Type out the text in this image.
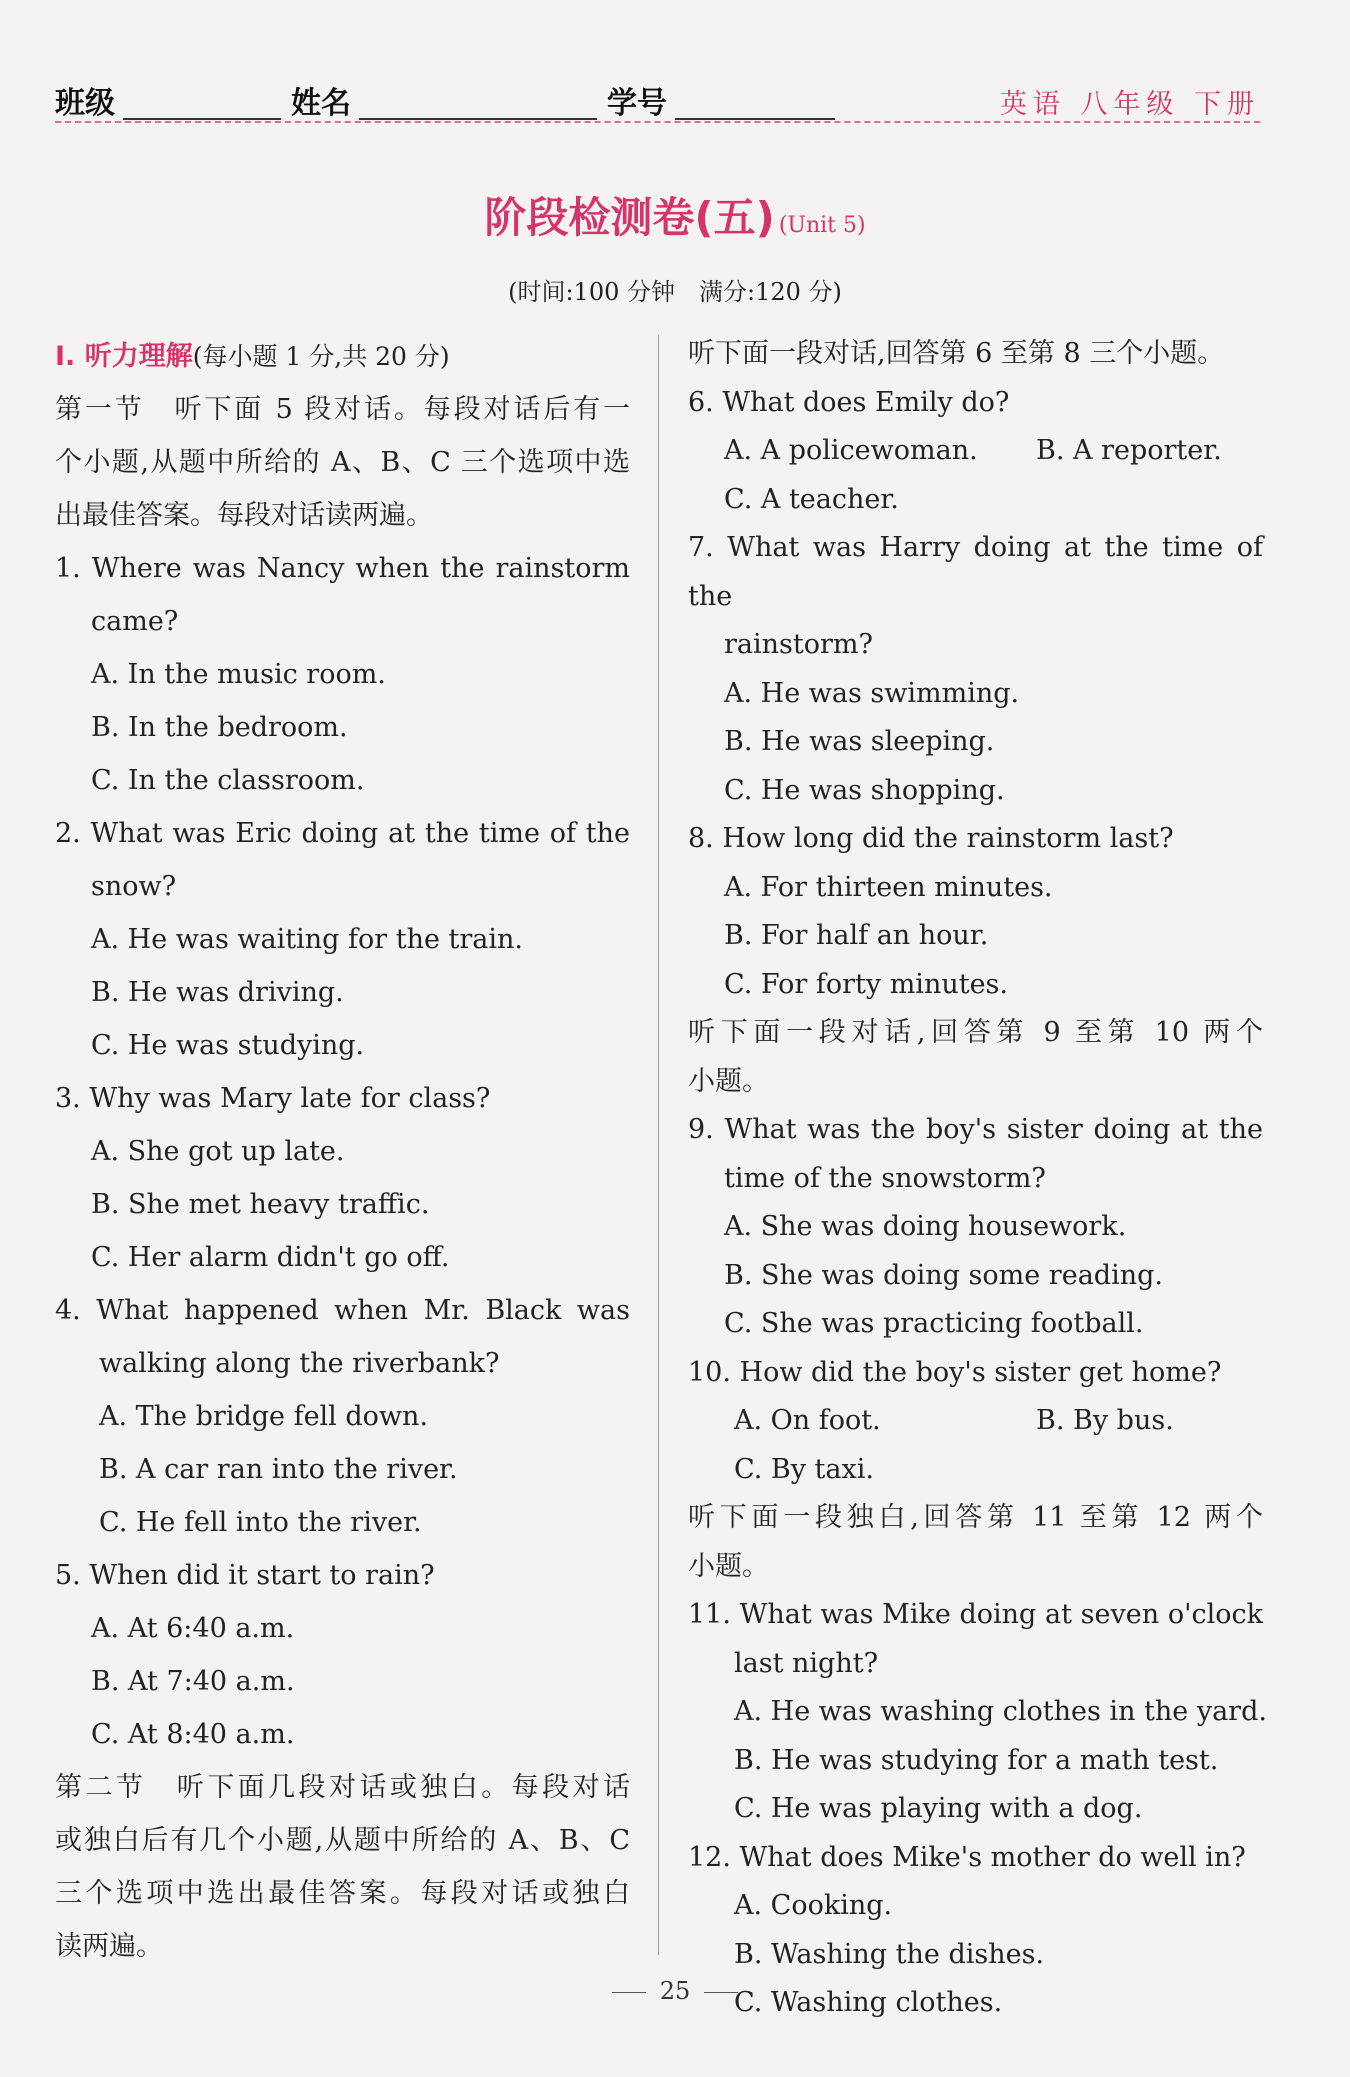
班级	姓名	学号	英语 八年级 下册
阶段检测卷(五) (Unit 5)
(时间:100 分钟　满分:120 分)
Ⅰ. 听力理解(每小题 1 分,共 20 分)
第一节　听下面 5 段对话。每段对话后有一
个小题,从题中所给的 A、B、C 三个选项中选
出最佳答案。每段对话读两遍。
1. Where was Nancy when the rainstorm
came?
A. In the music room.
B. In the bedroom.
C. In the classroom.
2. What was Eric doing at the time of the
snow?
A. He was waiting for the train.
B. He was driving.
C. He was studying.
3. Why was Mary late for class?
A. She got up late.
B. She met heavy traffic.
C. Her alarm didn't go off.
4. What happened when Mr. Black was
walking along the riverbank?
A. The bridge fell down.
B. A car ran into the river.
C. He fell into the river.
5. When did it start to rain?
A. At 6:40 a.m.
B. At 7:40 a.m.
C. At 8:40 a.m.
第二节　听下面几段对话或独白。每段对话
或独白后有几个小题,从题中所给的 A、B、C
三个选项中选出最佳答案。每段对话或独白
读两遍。
听下面一段对话,回答第 6 至第 8 三个小题。
6. What does Emily do?
A. A policewoman.	B. A reporter.
C. A teacher.
7. What was Harry doing at the time of the
rainstorm?
A. He was swimming.
B. He was sleeping.
C. He was shopping.
8. How long did the rainstorm last?
A. For thirteen minutes.
B. For half an hour.
C. For forty minutes.
听下面一段对话,回答第 9 至第 10 两个
小题。
9. What was the boy's sister doing at the
time of the snowstorm?
A. She was doing housework.
B. She was doing some reading.
C. She was practicing football.
10. How did the boy's sister get home?
A. On foot.	B. By bus.
C. By taxi.
听下面一段独白,回答第 11 至第 12 两个
小题。
11. What was Mike doing at seven o'clock
last night?
A. He was washing clothes in the yard.
B. He was studying for a math test.
C. He was playing with a dog.
12. What does Mike's mother do well in?
A. Cooking.
B. Washing the dishes.
C. Washing clothes.
25
